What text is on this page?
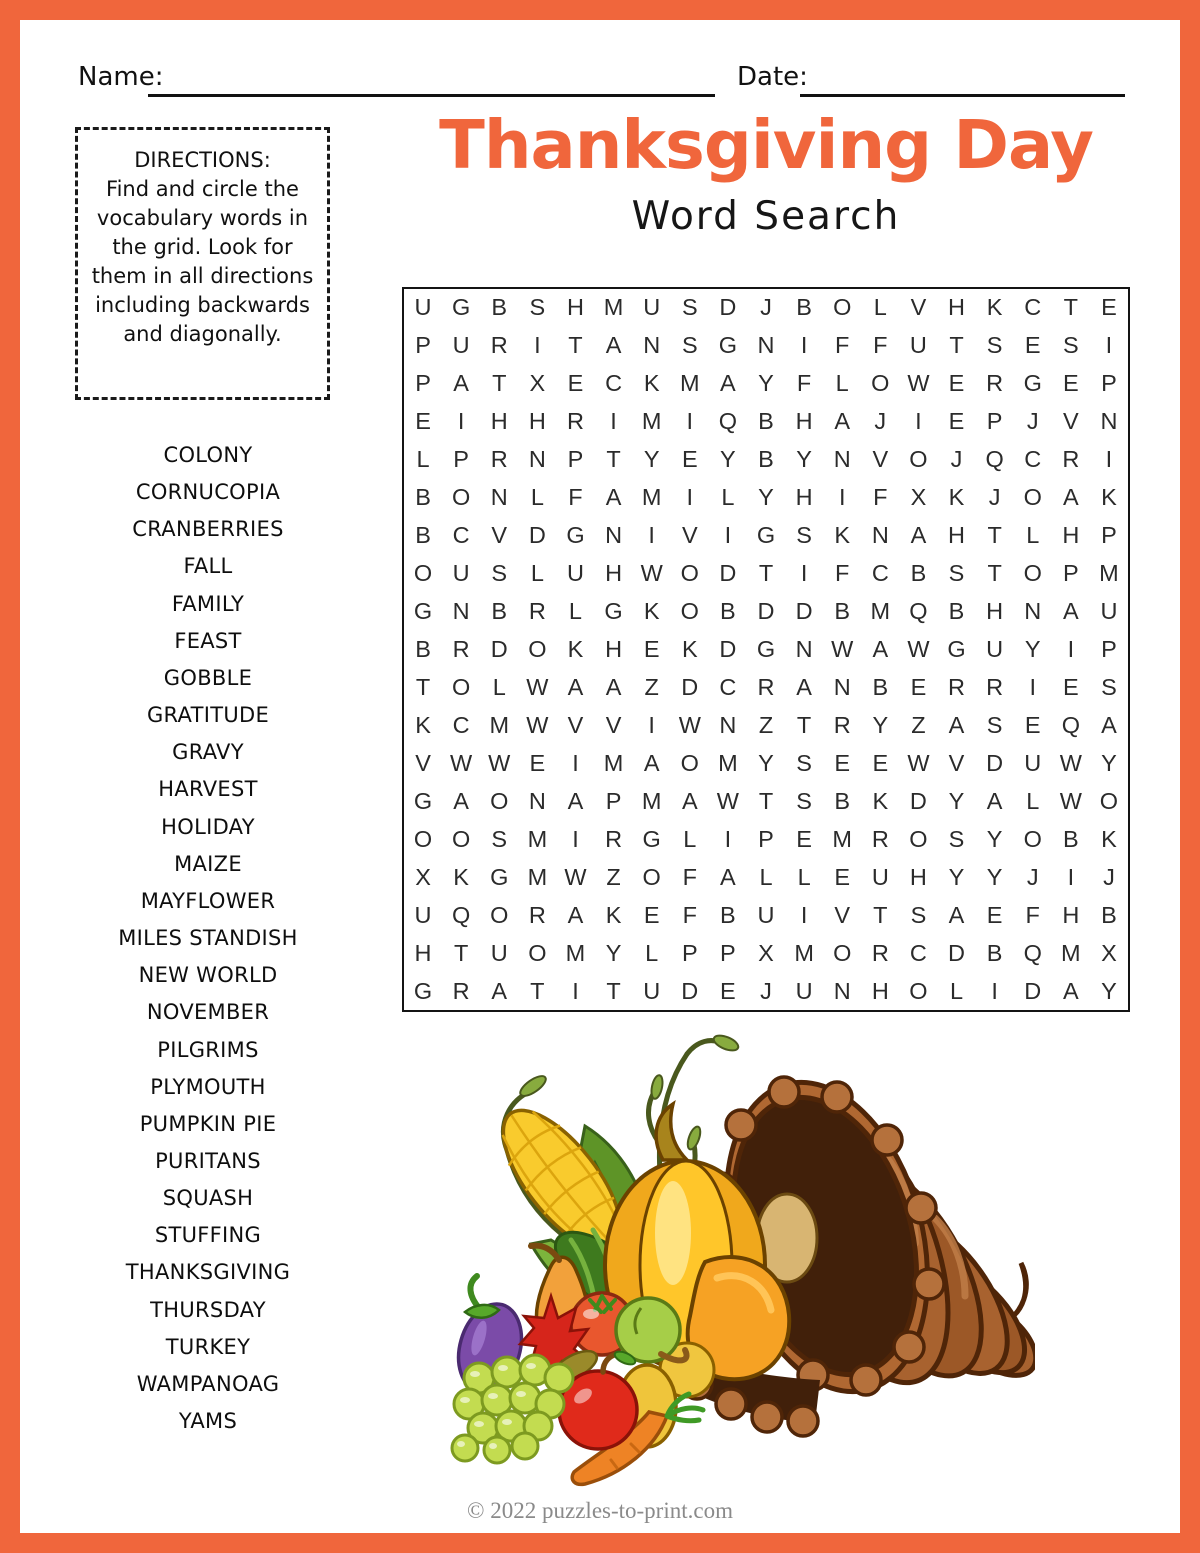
Name:	Date:
Thanksgiving Day
Word Search
DIRECTIONS:
Find and circle the vocabulary words in the grid. Look for them in all directions including backwards and diagonally.
U G B S H M U S D	J	B O L	V H K C T E
P U R	I	T A N S G N	I	F	F U T S E S	I
P A T X E C K M A Y F	L O W E R G E P
E	I	H H R	I	M	I	Q B H A	J	I	E P	J	V N
L	P R N P T Y E Y B Y N V O J Q C R	I
B O N L	F A M	I	L	Y H	I	F X K	J O A K
B C V D G N	I	V	I	G S K N A H T	L H P
O U S	L U H W O D T	I	F C B S T O P M
G N B R L G K O B D D B M Q B H N A U
B R D O K H E K D G N W A W G U Y	I	P
T O L W A A Z D C R A N B E R R	I	E S
K C M W V V	I	W N Z	T R Y Z A S E Q A
V W W E	I	M A O M Y S E E W V D U W Y
G A O N A P M A W T S B K D Y A	L W O
O O S M	I	R G L	I	P E M R O S Y O B K
X K G M W Z O F A	L	L	E U H Y Y	J	I	J
U Q O R A K E F B U	I	V T S A E F H B
H T U O M Y	L	P P X M O R C D B Q M X
G R A T	I	T U D E	J	U N H O L	I	D A Y
COLONY
CORNUCOPIA
CRANBERRIES
FALL
FAMILY
FEAST
GOBBLE
GRATITUDE
GRAVY
HARVEST
HOLIDAY
MAIZE
MAYFLOWER
MILES STANDISH
NEW WORLD
NOVEMBER
PILGRIMS
PLYMOUTH
PUMPKIN PIE
PURITANS
SQUASH
STUFFING
THANKSGIVING
THURSDAY
TURKEY
WAMPANOAG
YAMS
© 2022 puzzles-to-print.com
